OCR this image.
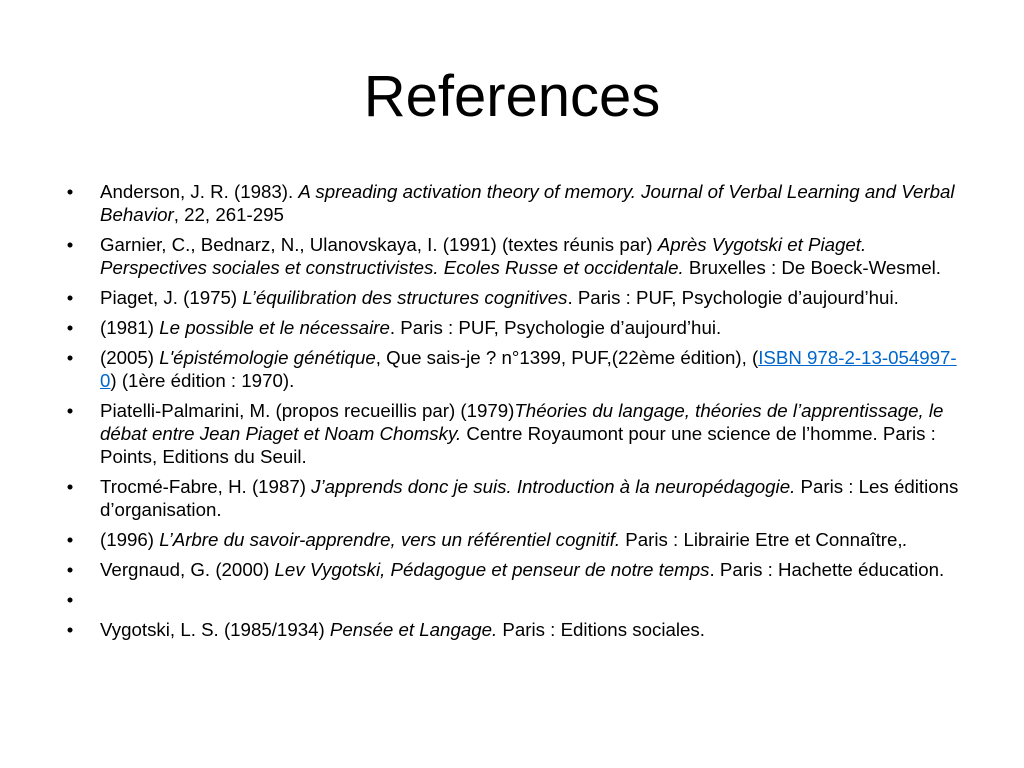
References
• Anderson, J. R. (1983). A spreading activation theory of memory. Journal of Verbal Learning and Verbal Behavior, 22, 261-295
• Garnier, C., Bednarz, N., Ulanovskaya, I. (1991) (textes réunis par) Après Vygotski et Piaget. Perspectives sociales et constructivistes. Ecoles Russe et occidentale. Bruxelles : De Boeck-Wesmel.
• Piaget, J. (1975) L’équilibration des structures cognitives. Paris : PUF, Psychologie d’aujourd’hui.
• (1981) Le possible et le nécessaire. Paris : PUF, Psychologie d’aujourd’hui.
• (2005) L'épistémologie génétique, Que sais-je ? n°1399, PUF,(22ème édition), (ISBN 978-2-13-054997-0) (1ère édition : 1970).
• Piatelli-Palmarini, M. (propos recueillis par) (1979)Théories du langage, théories de l’apprentissage, le débat entre Jean Piaget et Noam Chomsky. Centre Royaumont pour une science de l’homme. Paris : Points, Editions du Seuil.
• Trocmé-Fabre, H. (1987) J’apprends donc je suis. Introduction à la neuropédagogie. Paris : Les éditions d’organisation.
• (1996) L’Arbre du savoir-apprendre, vers un référentiel cognitif. Paris : Librairie Etre et Connaître,.
• Vergnaud, G. (2000) Lev Vygotski, Pédagogue et penseur de notre temps. Paris : Hachette éducation.
•
• Vygotski, L. S. (1985/1934) Pensée et Langage. Paris : Editions sociales.
